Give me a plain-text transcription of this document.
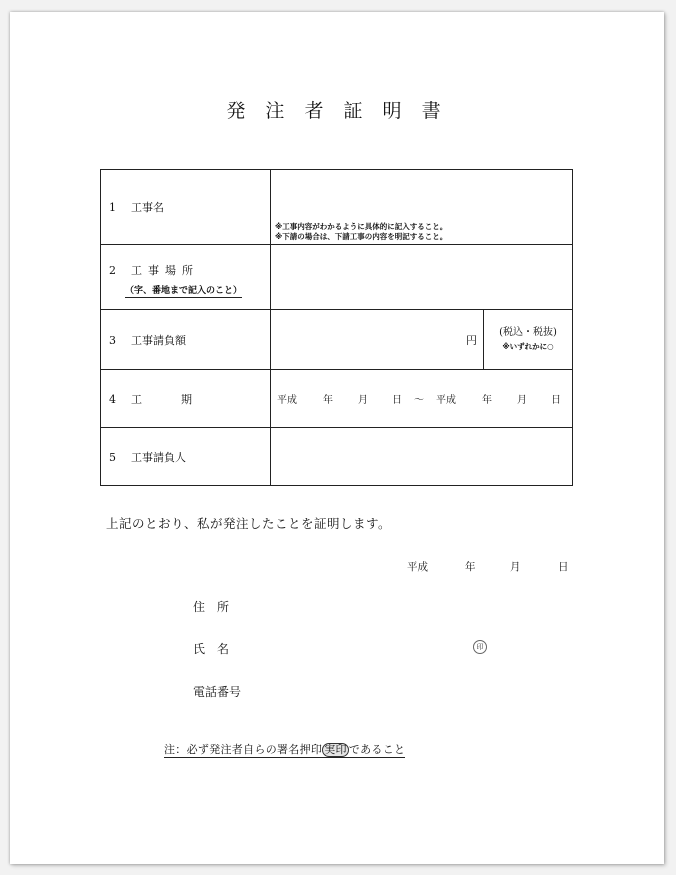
発 注 者 証 明 書
1 工事名	
※工事内容がわかるように具体的に記入すること。
※下請の場合は、下請工事の内容を明記すること。

2 工事場所
（字、番地まで記入のこと）	
3 工事請負額		円	(税込・税抜)
※いずれかに○

4 工　期	平成	年	月	日	～	平成	年	月	日

5 工事請負人	
上記のとおり、私が発注したことを証明します。
平成	年	月	日
住　所
氏　名	印
電話番号
注：必ず発注者自らの署名押印 実印 であること
